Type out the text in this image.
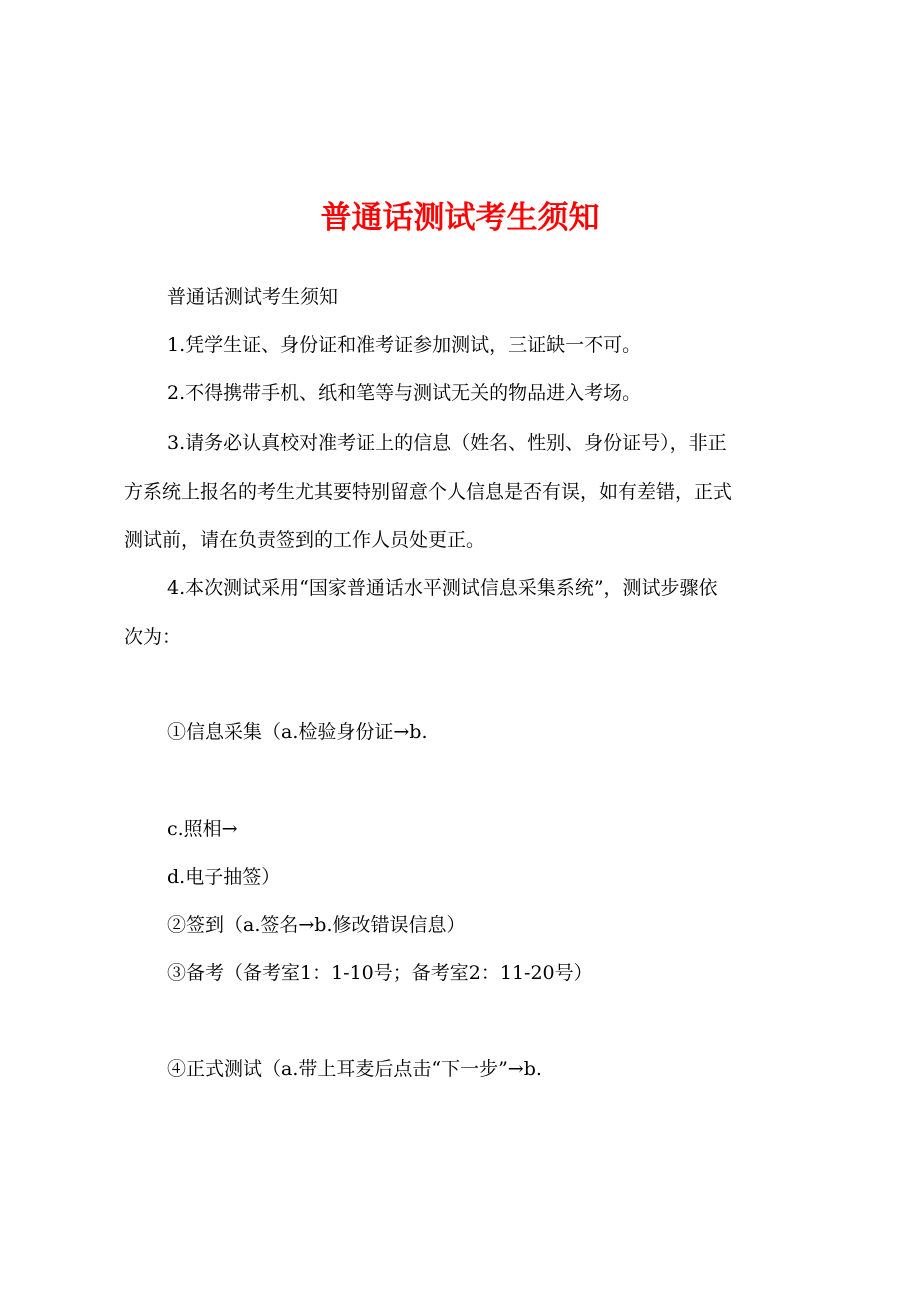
普通话测试考生须知

普通话测试考生须知

1.凭学生证、身份证和准考证参加测试，三证缺一不可。

2.不得携带手机、纸和笔等与测试无关的物品进入考场。

3.请务必认真校对准考证上的信息（姓名、性别、身份证号），非正

方系统上报名的考生尤其要特别留意个人信息是否有误，如有差错，正式

测试前，请在负责签到的工作人员处更正。

4.本次测试采用“国家普通话水平测试信息采集系统”，测试步骤依

次为：

①信息采集（a.检验身份证→b.

c.照相→

d.电子抽签）

②签到（a.签名→b.修改错误信息）

③备考（备考室1：1-10号；备考室2：11-20号）

④正式测试（a.带上耳麦后点击“下一步”→b.
